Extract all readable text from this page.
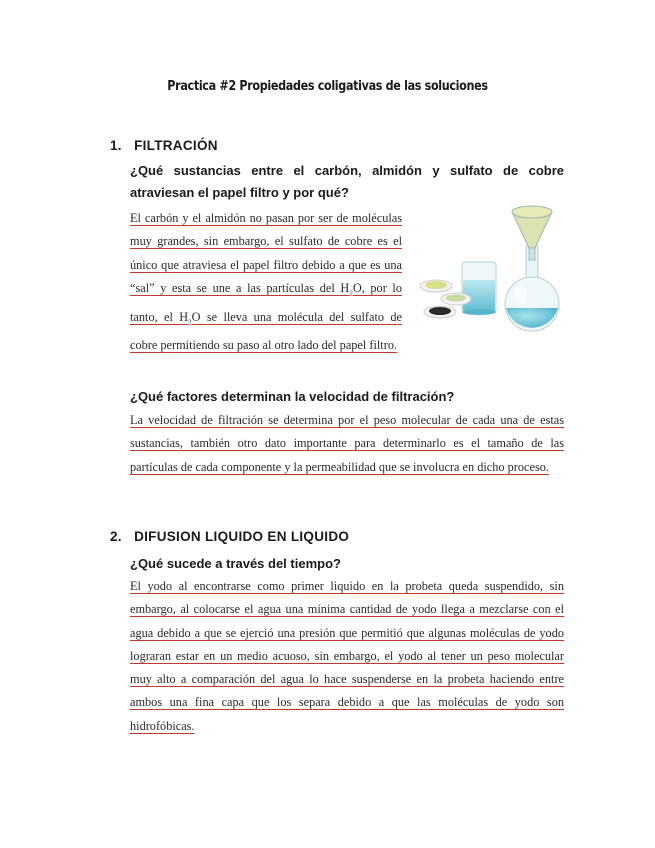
Practica #2 Propiedades coligativas de las soluciones
1. FILTRACIÓN
¿Qué sustancias entre el carbón, almidón y sulfato de cobre atraviesan el papel filtro y por qué?

El carbón y el almidón no pasan por ser de moléculas muy grandes, sin embargo, el sulfato de cobre es el único que atraviesa el papel filtro debido a que es una “sal” y esta se une a las partículas del $H_2O$, por lo tanto, el $H_2O$ se lleva una molécula del sulfato de cobre permitiendo su paso al otro lado del papel filtro.

¿Qué factores determinan la velocidad de filtración?

La velocidad de filtración se determina por el peso molecular de cada una de estas sustancias, también otro dato importante para determinarlo es el tamaño de las partículas de cada componente y la permeabilidad que se involucra en dicho proceso.

2. DIFUSION LIQUIDO EN LIQUIDO
¿Qué sucede a través del tiempo?

El yodo al encontrarse como primer liquido en la probeta queda suspendido, sin embargo, al colocarse el agua una mínima cantidad de yodo llega a mezclarse con el agua debido a que se ejerció una presión que permitió que algunas moléculas de yodo lograran estar en un medio acuoso, sin embargo, el yodo al tener un peso molecular muy alto a comparación del agua lo hace suspenderse en la probeta haciendo entre ambos una fina capa que los separa debido a que las moléculas de yodo son hidrofóbicas.
